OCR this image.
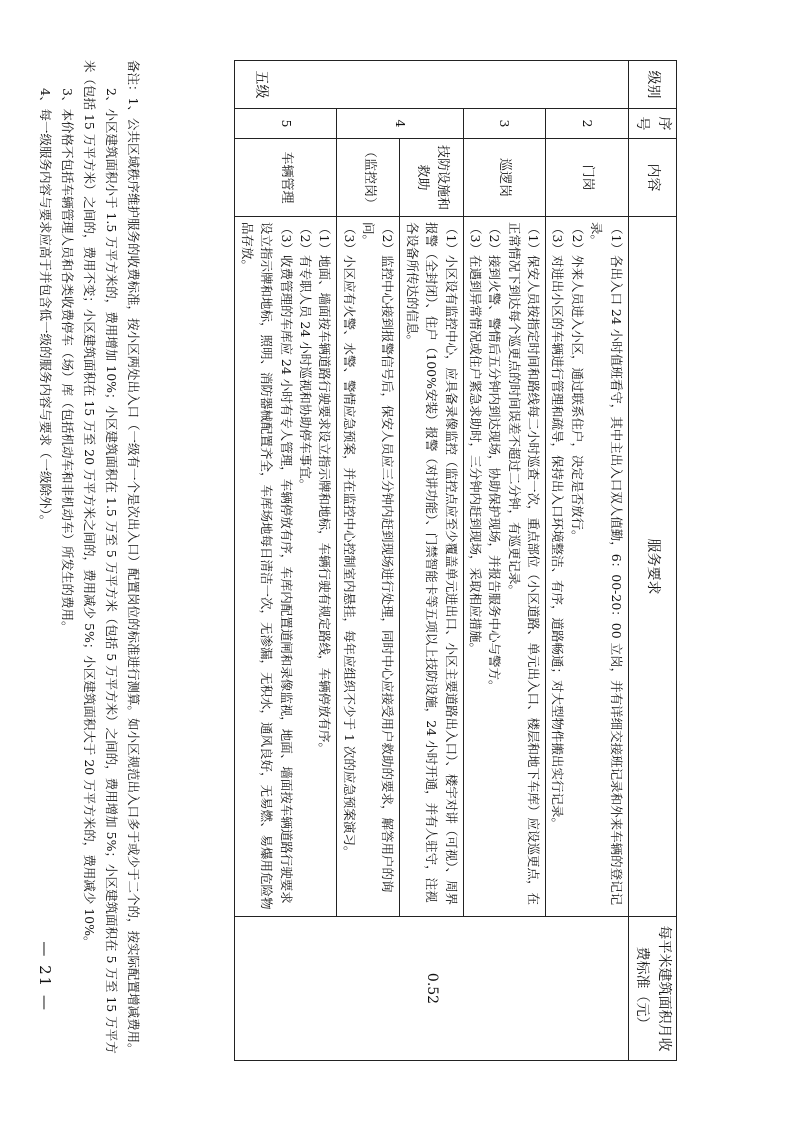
级别	序号	内容	服务要求	每平米建筑面积月收费标准（元）
五级	2	门岗	（1）各出入口 24 小时值班看守，其中主出入口双人值勤，6：00-20：00 立岗，并有详细交接班记录和外来车辆的登记记录。

（2）外来人员进入小区，通过联系住户，决定是否放行。

（3）对进出小区的车辆进行管理和疏导，保持出入口环境整洁、有序，道路畅通；对大型物件搬出实行记录。	0.52
	3	巡逻岗	（1）保安人员按指定时间和路线每二小时巡查一次，重点部位（小区道路、单元出入口、楼层和地下车库）应设巡更点，在正常情况下到达每个巡更点的时间误差不超过二分钟，有巡更记录。

（2）接到火警、警情后五分钟内到达现场，协助保护现场，并报告服务中心与警方。

（3）在遇到异常情况或住户紧急求助时，三分钟内赶到现场，采取相应措施。	

	4	技防设施和救助	（1）小区设有监控中心，应具备录像监控（监控点应至少覆盖单元进出口、小区主要道路出入口）、楼宇对讲（可视）、周界报警（全封闭）、住户（100%安装）报警（对讲功能）、门禁智能卡等五项以上技防设施，24 小时开通，并有人驻守，注视各设备所传达的信息。	

		（监控岗）	（2）监控中心接到报警信号后，保安人员应三分钟内赶到现场进行处理，同时中心应接受用户救助的要求，解答用户的询问。

（3）小区应有火警、水警、警情应急预案，并在监控中心控制室内悬挂，每年应组织不少于 1 次的应急预案演习。	

	5	车辆管理	（1）地面、墙面按车辆道路行驶要求设立指示牌和地标，车辆行驶有规定路线，车辆停放有序。

（2）有专职人员 24 小时巡视和协助停车事宜。

（3）收费管理的车库应 24 小时有专人管理，车辆停放有序，车库内配置道闸和录像监视，地面、墙面按车辆道路行驶要求设立指示牌和地标，照明、消防器械配置齐全，车库场地每日清洁一次，无渗漏，无积水，通风良好，无易燃、易爆用危险物品存放。	

备注：1、公共区域秩序维护服务的收费标准，按小区两处出入口（一级有一个是次出入口）配置岗位的标准进行测算。如小区规范出入口多于或少于二个的，按实际配置增减费用。

2、小区建筑面积小于 1.5 万平方米的，费用增加 10%；小区建筑面积在 1.5 万至 5 万平方米（包括 5 万平方米）之间的，费用增加 5%；小区建筑面积在 5 万至 15 万平方米（包括 15 万平方米）之间的，费用不变；小区建筑面积在 15 万至 20 万平方米之间的，费用减少 5%；小区建筑面积大于 20 万平方米的，费用减少 10%。

3、本价格不包括车辆管理人员和各类收费停车（场）库（包括机动车和非机动车）所发生的费用。

4、每一级服务内容与要求应高于并包含低一级的服务内容与要求（一级除外）。

— 21 —
